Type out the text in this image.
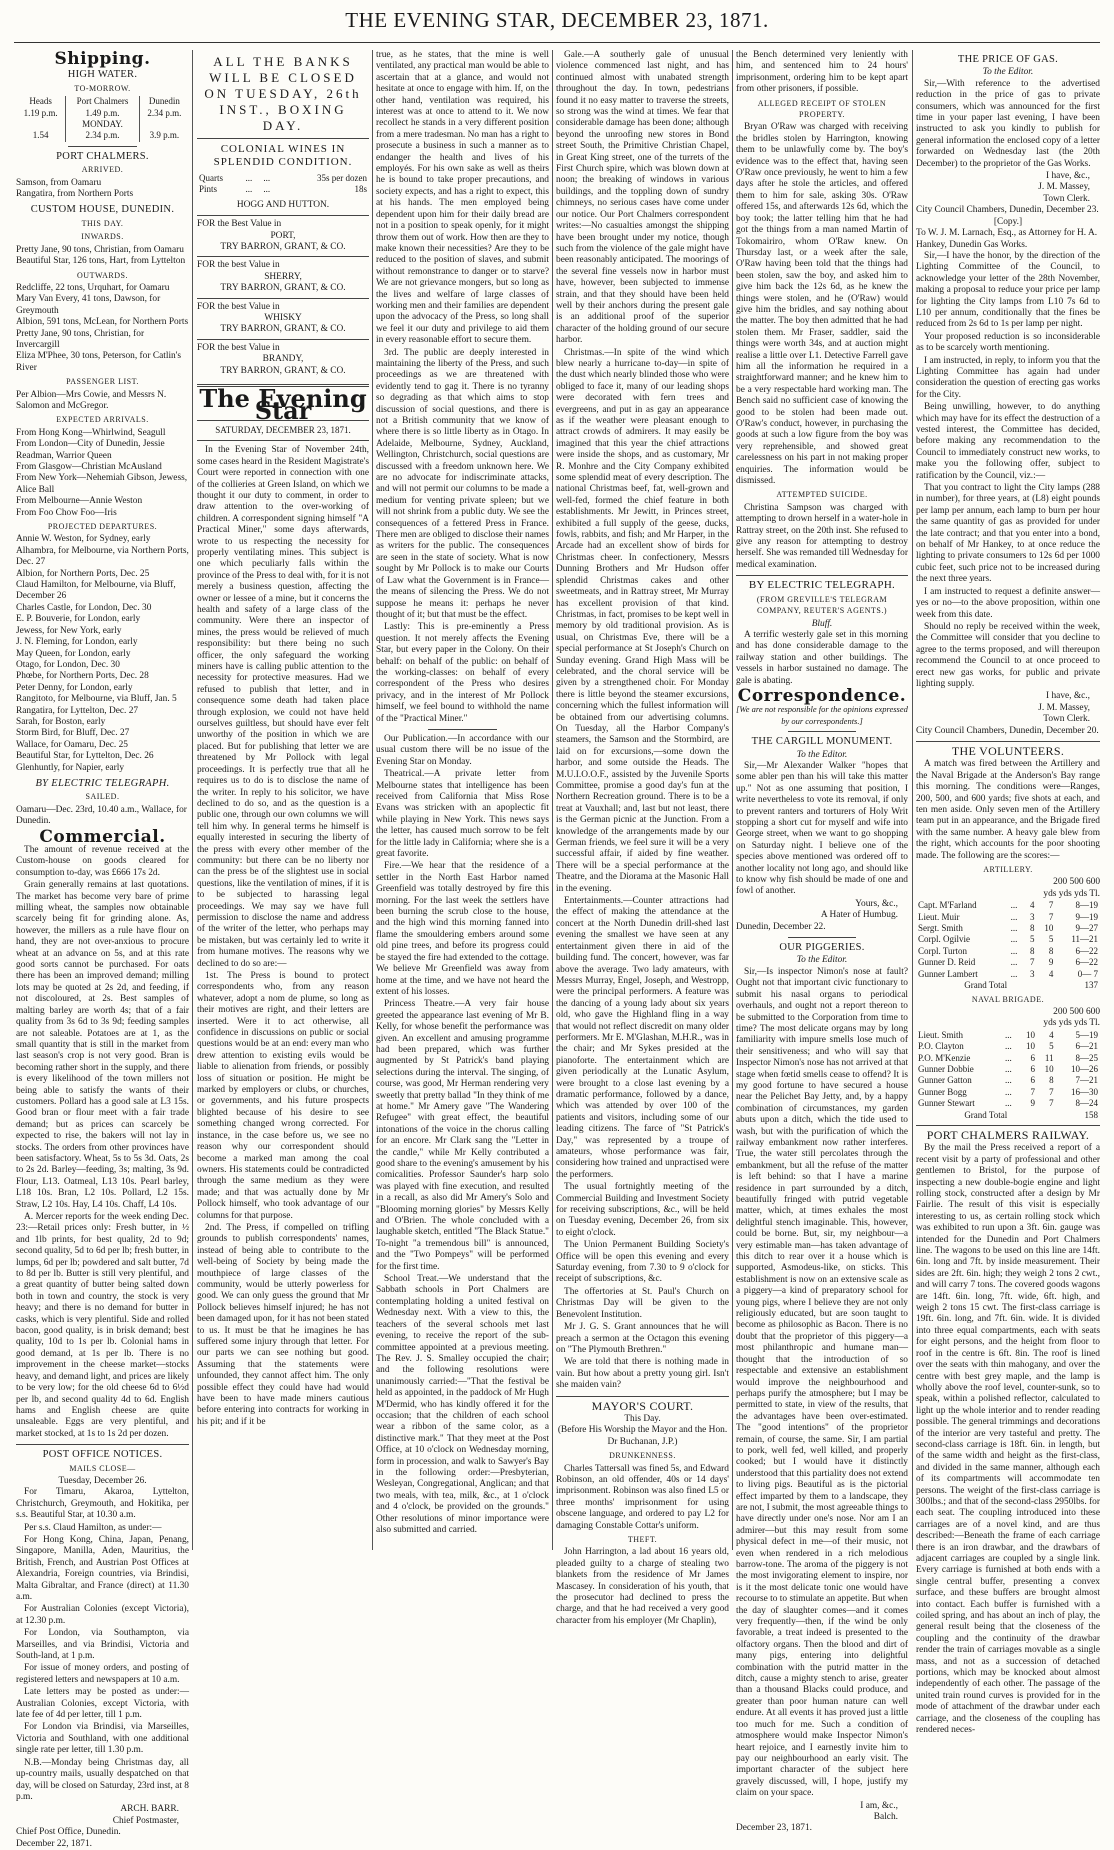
THE EVENING STAR, DECEMBER 23, 1871.
Shipping.
HIGH WATER.
TO-MORROW.
Heads	Port Chalmers	Dunedin
1.19 p.m.	1.49 p.m.	2.34 p.m.
	MONDAY.	
1.54	2.34 p.m.	3.9 p.m.
PORT CHALMERS.
ARRIVED.
Samson, from Oamaru
Rangatira, from Northern Ports
CUSTOM HOUSE, DUNEDIN.
THIS DAY.
INWARDS.
Pretty Jane, 90 tons, Christian, from Oamaru
Beautiful Star, 126 tons, Hart, from Lyttelton
OUTWARDS.
Redcliffe, 22 tons, Urquhart, for Oamaru
Mary Van Every, 41 tons, Dawson, for Greymouth
Albion, 591 tons, McLean, for Northern Ports
Pretty Jane, 90 tons, Christian, for Invercargill
Eliza M'Phee, 30 tons, Peterson, for Catlin's River
PASSENGER LIST.
Per Albion—Mrs Cowie, and Messrs N. Salomon and McGregor.
EXPECTED ARRIVALS.
From Hong Kong—Whirlwind, Seagull
From London—City of Dunedin, Jessie Readman, Warrior Queen
From Glasgow—Christian McAusland
From New York—Nehemiah Gibson, Jewess, Alice Ball
From Melbourne—Annie Weston
From Foo Chow Foo—Iris
PROJECTED DEPARTURES.
Annie W. Weston, for Sydney, early
Alhambra, for Melbourne, via Northern Ports, Dec. 27
Albion, for Northern Ports, Dec. 25
Claud Hamilton, for Melbourne, via Bluff, December 26
Charles Castle, for London, Dec. 30
E. P. Bouverie, for London, early
Jewess, for New York, early
J. N. Fleming, for London, early
May Queen, for London, early
Otago, for London, Dec. 30
Phœbe, for Northern Ports, Dec. 28
Peter Denny, for London, early
Rangitoto, for Melbourne, via Bluff, Jan. 5
Rangatira, for Lyttelton, Dec. 27
Sarah, for Boston, early
Storm Bird, for Bluff, Dec. 27
Wallace, for Oamaru, Dec. 25
Beautiful Star, for Lyttelton, Dec. 26
Glenhuntly, for Napier, early
BY ELECTRIC TELEGRAPH.
SAILED.
Oamaru—Dec. 23rd, 10.40 a.m., Wallace, for Dunedin.
Commercial.

The amount of revenue received at the Custom-house on goods cleared for consumption to-day, was £666 17s 2d.

Grain generally remains at last quotations. The market has become very bare of prime milling wheat, the samples now obtainable scarcely being fit for grinding alone. As, however, the millers as a rule have flour on hand, they are not over-anxious to procure wheat at an advance on 5s, and at this rate good sorts cannot be purchased. For oats there has been an improved demand; milling lots may be quoted at 2s 2d, and feeding, if not discoloured, at 2s. Best samples of malting barley are worth 4s; that of a fair quality from 3s 6d to 3s 9d; feeding samples are not saleable. Potatoes are at 1, as the small quantity that is still in the market from last season's crop is not very good. Bran is becoming rather short in the supply, and there is every likelihood of the town millers not being able to satisfy the wants of their customers. Pollard has a good sale at L3 15s. Good bran or flour meet with a fair trade demand; but as prices can scarcely be expected to rise, the bakers will not lay in stocks. The orders from other provinces have been satisfactory. Wheat, 5s to 5s 3d. Oats, 2s to 2s 2d. Barley—feeding, 3s; malting, 3s 9d. Flour, L13. Oatmeal, L13 10s. Pearl barley, L18 10s. Bran, L2 10s. Pollard, L2 15s. Straw, L2 10s. Hay, L4 10s. Chaff, L4 10s.

A. Mercer reports for the week ending Dec. 23:—Retail prices only: Fresh butter, in ½ and 1lb prints, for best quality, 2d to 9d; second quality, 5d to 6d per lb; fresh butter, in lumps, 6d per lb; powdered and salt butter, 7d to 8d per lb. Butter is still very plentiful, and a great quantity of butter being salted down both in town and country, the stock is very heavy; and there is no demand for butter in casks, which is very plentiful. Side and rolled bacon, good quality, is in brisk demand; best quality, 10d to 1s per lb. Colonial hams in good demand, at 1s per lb. There is no improvement in the cheese market—stocks heavy, and demand light, and prices are likely to be very low; for the old cheese 6d to 6½d per lb, and second quality 4d to 6d. English hams and English cheese are quite unsaleable. Eggs are very plentiful, and market stocked, at 1s to 1s 2d per dozen.

POST OFFICE NOTICES.
MAILS CLOSE—
Tuesday, December 26.

For Timaru, Akaroa, Lyttelton, Christchurch, Greymouth, and Hokitika, per s.s. Beautiful Star, at 10.30 a.m.

Per s.s. Claud Hamilton, as under:—

For Hong Kong, China, Japan, Penang, Singapore, Manilla, Aden, Mauritius, the British, French, and Austrian Post Offices at Alexandria, Foreign countries, via Brindisi, Malta Gibraltar, and France (direct) at 11.30 a.m.

For Australian Colonies (except Victoria), at 12.30 p.m.

For London, via Southampton, via Marseilles, and via Brindisi, Victoria and South-land, at 1 p.m.

For issue of money orders, and posting of registered letters and newspapers at 10 a.m.

Late letters may be posted as under:—Australian Colonies, except Victoria, with late fee of 4d per letter, till 1 p.m.

For London via Brindisi, via Marseilles, Victoria and Southland, with one additional single rate per letter, till 1.30 p.m.

N.B.—Monday being Christmas day, all up-country mails, usually despatched on that day, will be closed on Saturday, 23rd inst, at 8 p.m.

ARCH. BARR.
Chief Postmaster,
Chief Post Office, Dunedin.
December 22, 1871.
ALL THE BANKS WILL BE CLOSED ON TUESDAY, 26th INST., BOXING DAY.
COLONIAL WINES IN SPLENDID CONDITION.
Quarts	...	...	35s per dozen
Pints	...	...	18s
HOGG AND HUTTON.
FOR the Best Value in
PORT,
TRY BARRON, GRANT, & CO.
FOR the best Value in
SHERRY,
TRY BARRON, GRANT, & CO.
FOR the best Value in
WHISKY
TRY BARRON, GRANT, & CO.
FOR the best Value in
BRANDY,
TRY BARRON, GRANT, & CO.
The Evening Star
SATURDAY, DECEMBER 23, 1871.

In the Evening Star of November 24th, some cases heard in the Resident Magistrate's Court were reported in connection with one of the collieries at Green Island, on which we thought it our duty to comment, in order to draw attention to the over-working of children. A correspondent signing himself "A Practical Miner," some days afterwards, wrote to us respecting the necessity for properly ventilating mines. This subject is one which peculiarly falls within the province of the Press to deal with, for it is not merely a business question, affecting the owner or lessee of a mine, but it concerns the health and safety of a large class of the community. Were there an inspector of mines, the press would be relieved of much responsibility: but there being no such officer, the only safeguard the working miners have is calling public attention to the necessity for protective measures. Had we refused to publish that letter, and in consequence some death had taken place through explosion, we could not have held ourselves guiltless, but should have ever felt unworthy of the position in which we are placed. But for publishing that letter we are threatened by Mr Pollock with legal proceedings. It is perfectly true that all he requires us to do is to disclose the name of the writer. In reply to his solicitor, we have declined to do so, and as the question is a public one, through our own columns we will tell him why. In general terms he himself is equally interested in securing the liberty of the press with every other member of the community: but there can be no liberty nor can the press be of the slightest use in social questions, like the ventilation of mines, if it is to be subjected to harassing legal proceedings. We may say we have full permission to disclose the name and address of the writer of the letter, who perhaps may be mistaken, but was certainly led to write it from humane motives. The reasons why we declined to do so are:—

1st. The Press is bound to protect correspondents who, from any reason whatever, adopt a nom de plume, so long as their motives are right, and their letters are inserted. Were it to act otherwise, all confidence in discussions on public or social questions would be at an end: every man who drew attention to existing evils would be liable to alienation from friends, or possibly loss of situation or position. He might be marked by employers or clubs, or churches, or governments, and his future prospects blighted because of his desire to see something changed wrong corrected. For instance, in the case before us, we see no reason why our correspondent should become a marked man among the coal owners. His statements could be contradicted through the same medium as they were made; and that was actually done by Mr Pollock himself, who took advantage of our columns for that purpose.

2nd. The Press, if compelled on trifling grounds to publish correspondents' names, instead of being able to contribute to the well-being of Society by being made the mouthpiece of large classes of the community, would be utterly powerless for good. We can only guess the ground that Mr Pollock believes himself injured; he has not been damaged upon, for it has not been stated to us. It must be that he imagines he has suffered some injury through that letter. For our parts we can see nothing but good. Assuming that the statements were unfounded, they cannot affect him. The only possible effect they could have had would have been to have made miners cautious before entering into contracts for working in his pit; and if it be

true, as he states, that the mine is well ventilated, any practical man would be able to ascertain that at a glance, and would not hesitate at once to engage with him. If, on the other hand, ventilation was required, his interest was at once to attend to it. We now recollect he stands in a very different position from a mere tradesman. No man has a right to prosecute a business in such a manner as to endanger the health and lives of his employés. For his own sake as well as theirs he is bound to take proper precautions, and society expects, and has a right to expect, this at his hands. The men employed being dependent upon him for their daily bread are not in a position to speak openly, for it might throw them out of work. How then are they to make known their necessities? Are they to be reduced to the position of slaves, and submit without remonstrance to danger or to starve? We are not grievance mongers, but so long as the lives and welfare of large classes of working men and their families are dependent upon the advocacy of the Press, so long shall we feel it our duty and privilege to aid them in every reasonable effort to secure them.

3rd. The public are deeply interested in maintaining the liberty of the Press, and such proceedings as we are threatened with evidently tend to gag it. There is no tyranny so degrading as that which aims to stop discussion of social questions, and there is not a British community that we know of where there is so little liberty as in Otago. In Adelaide, Melbourne, Sydney, Auckland, Wellington, Christchurch, social questions are discussed with a freedom unknown here. We are no advocate for indiscriminate attacks, and will not permit our columns to be made a medium for venting private spleen; but we will not shrink from a public duty. We see the consequences of a fettered Press in France. There men are obliged to disclose their names as writers for the public. The consequences are seen in the state of society. What is now sought by Mr Pollock is to make our Courts of Law what the Government is in France—the means of silencing the Press. We do not suppose he means it: perhaps he never thought of it; but that must be the effect.

Lastly: This is pre-eminently a Press question. It not merely affects the Evening Star, but every paper in the Colony. On their behalf: on behalf of the public: on behalf of the working-classes: on behalf of every correspondent of the Press who desires privacy, and in the interest of Mr Pollock himself, we feel bound to withhold the name of the "Practical Miner."

Our Publication.—In accordance with our usual custom there will be no issue of the Evening Star on Monday.

Theatrical.—A private letter from Melbourne states that intelligence has been received from California that Miss Rose Evans was stricken with an apoplectic fit while playing in New York. This news says the letter, has caused much sorrow to be felt for the little lady in California; where she is a great favorite.

Fire.—We hear that the residence of a settler in the North East Harbor named Greenfield was totally destroyed by fire this morning. For the last week the settlers have been burning the scrub close to the house, and the high wind this morning fanned into flame the smouldering embers around some old pine trees, and before its progress could be stayed the fire had extended to the cottage. We believe Mr Greenfield was away from home at the time, and we have not heard the extent of his losses.

Princess Theatre.—A very fair house greeted the appearance last evening of Mr B. Kelly, for whose benefit the performance was given. An excellent and amusing programme had been prepared, which was further augmented by St Patrick's band playing selections during the interval. The singing, of course, was good, Mr Herman rendering very sweetly that pretty ballad "In they think of me at home." Mr Amery gave "The Wandering Refugee" with great effect, the beautiful intonations of the voice in the chorus calling for an encore. Mr Clark sang the "Letter in the candle," while Mr Kelly contributed a good share to the evening's amusement by his comicalities. Professor Saunder's harp solo was played with fine execution, and resulted in a recall, as also did Mr Amery's Solo and "Blooming morning glories" by Messrs Kelly and O'Brien. The whole concluded with a laughable sketch, entitled "The Black Statue." To-night "a tremendous bill" is announced, and the "Two Pompeys" will be performed for the first time.

School Treat.—We understand that the Sabbath schools in Port Chalmers are contemplating holding a united festival on Wednesday next. With a view to this, the teachers of the several schools met last evening, to receive the report of the sub-committee appointed at a previous meeting. The Rev. J. S. Smalley occupied the chair; and the following resolutions were unanimously carried:—"That the festival be held as appointed, in the paddock of Mr Hugh M'Dermid, who has kindly offered it for the occasion; that the children of each school wear a ribbon of the same color, as a distinctive mark." That they meet at the Post Office, at 10 o'clock on Wednesday morning, form in procession, and walk to Sawyer's Bay in the following order:—Presbyterian, Wesleyan, Congregational, Anglican; and that two meals, with tea, milk, &c., at 1 o'clock and 4 o'clock, be provided on the grounds." Other resolutions of minor importance were also submitted and carried.

Gale.—A southerly gale of unusual violence commenced last night, and has continued almost with unabated strength throughout the day. In town, pedestrians found it no easy matter to traverse the streets, so strong was the wind at times. We fear that considerable damage has been done; although beyond the unroofing new stores in Bond street South, the Primitive Christian Chapel, in Great King street, one of the turrets of the First Church spire, which was blown down at noon; the breaking of windows in various buildings, and the toppling down of sundry chimneys, no serious cases have come under our notice. Our Port Chalmers correspondent writes:—No casualties amongst the shipping have been brought under my notice, though such from the violence of the gale might have been reasonably anticipated. The moorings of the several fine vessels now in harbor must have, however, been subjected to immense strain, and that they should have been held well by their anchors during the present gale is an additional proof of the superior character of the holding ground of our secure harbor.

Christmas.—In spite of the wind which blew nearly a hurricane to-day—in spite of the dust which nearly blinded those who were obliged to face it, many of our leading shops were decorated with fern trees and evergreens, and put in as gay an appearance as if the weather were pleasant enough to attract crowds of admirers. It may easily be imagined that this year the chief attractions were inside the shops, and as customary, Mr R. Monhre and the City Company exhibited some splendid meat of every description. The national Christmas beef, fat, well-grown and well-fed, formed the chief feature in both establishments. Mr Jewitt, in Princes street, exhibited a full supply of the geese, ducks, fowls, rabbits, and fish; and Mr Harper, in the Arcade had an excellent show of birds for Christmas cheer. In confectionery, Messrs Dunning Brothers and Mr Hudson offer splendid Christmas cakes and other sweetmeats, and in Rattray street, Mr Murray has excellent provision of that kind. Christmas, in fact, promises to be kept well in memory by old traditional provision. As is usual, on Christmas Eve, there will be a special performance at St Joseph's Church on Sunday evening. Grand High Mass will be celebrated, and the choral service will be given by a strengthened choir. For Monday there is little beyond the steamer excursions, concerning which the fullest information will be obtained from our advertising columns. On Tuesday, all the Harbor Company's steamers, the Samson and the Stormbird, are laid on for excursions,—some down the harbor, and some outside the Heads. The M.U.I.O.O.F., assisted by the Juvenile Sports Committee, promise a good day's fun at the Northern Recreation ground. There is to be a treat at Vauxhall; and, last but not least, there is the German picnic at the Junction. From a knowledge of the arrangements made by our German friends, we feel sure it will be a very successful affair, if aided by fine weather. There will be a special performance at the Theatre, and the Diorama at the Masonic Hall in the evening.

Entertainments.—Counter attractions had the effect of making the attendance at the concert at the North Dunedin drill-shed last evening the smallest we have seen at any entertainment given there in aid of the building fund. The concert, however, was far above the average. Two lady amateurs, with Messrs Murray, Engel, Joseph, and Westropp, were the principal performers. A feature was the dancing of a young lady about six years old, who gave the Highland fling in a way that would not reflect discredit on many older performers. Mr E. M'Glashan, M.H.R., was in the chair; and Mr Sykes presided at the pianoforte. The entertainment which are given periodically at the Lunatic Asylum, were brought to a close last evening by a dramatic performance, followed by a dance, which was attended by over 100 of the patients and visitors, including some of our leading citizens. The farce of "St Patrick's Day," was represented by a troupe of amateurs, whose performance was fair, considering how trained and unpractised were the performers.

The usual fortnightly meeting of the Commercial Building and Investment Society for receiving subscriptions, &c., will be held on Tuesday evening, December 26, from six to eight o'clock.

The Union Permanent Building Society's Office will be open this evening and every Saturday evening, from 7.30 to 9 o'clock for receipt of subscriptions, &c.

The offertories at St. Paul's Church on Christmas Day will be given to the Benevolent Institution.

Mr J. G. S. Grant announces that he will preach a sermon at the Octagon this evening on "The Plymouth Brethren."

We are told that there is nothing made in vain. But how about a pretty young girl. Isn't she maiden vain?

MAYOR'S COURT.
This Day.
(Before His Worship the Mayor and the Hon. Dr Buchanan, J.P.)
DRUNKENNESS.

Charles Tattersall was fined 5s, and Edward Robinson, an old offender, 40s or 14 days' imprisonment. Robinson was also fined L5 or three months' imprisonment for using obscene language, and ordered to pay L2 for damaging Constable Cottar's uniform.

THEFT.

John Harrington, a lad about 16 years old, pleaded guilty to a charge of stealing two blankets from the residence of Mr James Mascasey. In consideration of his youth, that the prosecutor had declined to press the charge, and that he had received a very good character from his employer (Mr Chaplin),

the Bench determined very leniently with him, and sentenced him to 24 hours' imprisonment, ordering him to be kept apart from other prisoners, if possible.

ALLEGED RECEIPT OF STOLEN PROPERTY.

Bryan O'Raw was charged with receiving the bridles stolen by Harrington, knowing them to be unlawfully come by. The boy's evidence was to the effect that, having seen O'Raw once previously, he went to him a few days after he stole the articles, and offered them to him for sale, asking 30s. O'Raw offered 15s, and afterwards 12s 6d, which the boy took; the latter telling him that he had got the things from a man named Martin of Tokomairiro, whom O'Raw knew. On Thursday last, or a week after the sale, O'Raw having been told that the things had been stolen, saw the boy, and asked him to give him back the 12s 6d, as he knew the things were stolen, and he (O'Raw) would give him the bridles, and say nothing about the matter. The boy then admitted that he had stolen them. Mr Fraser, saddler, said the things were worth 34s, and at auction might realise a little over L1. Detective Farrell gave him all the information he required in a straightforward manner; and he knew him to be a very respectable hard working man. The Bench said no sufficient case of knowing the good to be stolen had been made out. O'Raw's conduct, however, in purchasing the goods at such a low figure from the boy was very reprehensible, and showed great carelessness on his part in not making proper enquiries. The information would be dismissed.

ATTEMPTED SUICIDE.

Christina Sampson was charged with attempting to drown herself in a water-hole in Rattray street, on the 20th inst. She refused to give any reason for attempting to destroy herself. She was remanded till Wednesday for medical examination.

BY ELECTRIC TELEGRAPH.
(FROM GREVILLE'S TELEGRAM COMPANY, REUTER'S AGENTS.)
Bluff.

A terrific westerly gale set in this morning and has done considerable damage to the railway station and other buildings. The vessels in harbor sustained no damage. The gale is abating.

Correspondence.
[We are not responsible for the opinions expressed by our correspondents.]
THE CARGILL MONUMENT.
To the Editor.

Sir,—Mr Alexander Walker "hopes that some abler pen than his will take this matter up." Not as one assuming that position, I write nevertheless to vote its removal, if only to prevent ranters and torturers of Holy Writ stopping a short cut for myself and wife into George street, when we want to go shopping on Saturday night. I believe one of the species above mentioned was ordered off to another locality not long ago, and should like to know why fish should be made of one and fowl of another.

Yours, &c.,
A Hater of Humbug.
Dunedin, December 22.
OUR PIGGERIES.
To the Editor.

Sir,—Is inspector Nimon's nose at fault? Ought not that important civic functionary to submit his nasal organs to periodical overhauls, and ought not a report thereon to be submitted to the Corporation from time to time? The most delicate organs may by long familiarity with impure smells lose much of their sensitiveness; and who will say that Inspector Nimon's nose has not arrived at that stage when fœtid smells cease to offend? It is my good fortune to have secured a house near the Pelichet Bay Jetty, and, by a happy combination of circumstances, my garden abuts upon a ditch, which the tide used to wash, but with the purification of which the railway embankment now rather interferes. True, the water still percolates through the embankment, but all the refuse of the matter is left behind: so that I have a marine residence in part surrounded by a ditch, beautifully fringed with putrid vegetable matter, which, at times exhales the most delightful stench imaginable. This, however, could be borne. But, sir, my neighbour—a very estimable man—has taken advantage of this ditch to rear over it a house which is supported, Asmodeus-like, on sticks. This establishment is now on an extensive scale as a piggery—a kind of preparatory school for young pigs, where I believe they are not only religiously educated, but are soon taught to become as philosophic as Bacon. There is no doubt that the proprietor of this piggery—a most philanthropic and humane man—thought that the introduction of so respectable and extensive an establishment would improve the neighbourhood and perhaps purify the atmosphere; but I may be permitted to state, in view of the results, that the advantages have been over-estimated. The "good intentions" of the proprietor remain, of course, the same. Sir, I am partial to pork, well fed, well killed, and properly cooked; but I would have it distinctly understood that this partiality does not extend to living pigs. Beautiful as is the pictorial effect imparted by them to a landscape, they are not, I submit, the most agreeable things to have directly under one's nose. Nor am I an admirer—but this may result from some physical defect in me—of their music, not even when rendered in a rich melodious barrow-tone. The aroma of the piggery is not the most invigorating element to inspire, nor is it the most delicate tonic one would have recourse to to stimulate an appetite. But when the day of slaughter comes—and it comes very frequently—then, if the wind be only favorable, a treat indeed is presented to the olfactory organs. Then the blood and dirt of many pigs, entering into delightful combination with the putrid matter in the ditch, cause a mighty stench to arise, greater than a thousand Blacks could produce, and greater than poor human nature can well endure. At all events it has proved just a little too much for me. Such a condition of atmosphere would make Inspector Nimon's heart rejoice, and I earnestly invite him to pay our neighbourhood an early visit. The important character of the subject here gravely discussed, will, I hope, justify my claim on your space.

I am, &c.,
Balch.
December 23, 1871.
THE PRICE OF GAS.
To the Editor.

Sir,—With reference to the advertised reduction in the price of gas to private consumers, which was announced for the first time in your paper last evening, I have been instructed to ask you kindly to publish for general information the enclosed copy of a letter forwarded on Wednesday last (the 20th December) to the proprietor of the Gas Works.

I have, &c.,
J. M. Massey,
Town Clerk.
City Council Chambers, Dunedin, December 23.
[Copy.]
To W. J. M. Larnach, Esq., as Attorney for H. A. Hankey, Dunedin Gas Works.

Sir,—I have the honor, by the direction of the Lighting Committee of the Council, to acknowledge your letter of the 28th November, making a proposal to reduce your price per lamp for lighting the City lamps from L10 7s 6d to L10 per annum, conditionally that the fines be reduced from 2s 6d to 1s per lamp per night.

Your proposed reduction is so inconsiderable as to be scarcely worth mentioning.

I am instructed, in reply, to inform you that the Lighting Committee has again had under consideration the question of erecting gas works for the City.

Being unwilling, however, to do anything which may have for its effect the destruction of a vested interest, the Committee has decided, before making any recommendation to the Council to immediately construct new works, to make you the following offer, subject to ratification by the Council, viz.:—

That you contract to light the City lamps (288 in number), for three years, at (L8) eight pounds per lamp per annum, each lamp to burn per hour the same quantity of gas as provided for under the late contract; and that you enter into a bond, on behalf of Mr Hankey, to at once reduce the lighting to private consumers to 12s 6d per 1000 cubic feet, such price not to be increased during the next three years.

I am instructed to request a definite answer—yes or no—to the above proposition, within one week from this date.

Should no reply be received within the week, the Committee will consider that you decline to agree to the terms proposed, and will thereupon recommend the Council to at once proceed to erect new gas works, for public and private lighting supply.

I have, &c.,
J. M. Massey,
Town Clerk.
City Council Chambers, Dunedin, December 20.
THE VOLUNTEERS.

A match was fired between the Artillery and the Naval Brigade at the Anderson's Bay range this morning. The conditions were—Ranges, 200, 500, and 600 yards; five shots at each, and ten men aside. Only seven men of the Artillery team put in an appearance, and the Brigade fired with the same number. A heavy gale blew from the right, which accounts for the poor shooting made. The following are the scores:—

ARTILLERY.
200 500 600
yds yds yds Tl.
Capt. M'Farland	...	4	7	8—19
Lieut. Muir	...	3	7	9—19
Sergt. Smith	...	8	10	9—27
Corpl. Ogilvie	...	5	5	11—21
Corpl. Turton	...	8	8	6—22
Gunner D. Reid	...	7	9	6—22
Gunner Lambert	...	3	4	0— 7
Grand Total				137
NAVAL BRIGADE.
200 500 600
yds yds yds Tl.
Lieut. Smith	...	10	4	5—19
P.O. Clayton	...	10	5	6—21
P.O. M'Kenzie	...	6	11	8—25
Gunner Dobbie	...	6	10	10—26
Gunner Gatton	...	6	8	7—21
Gunner Bogg	...	7	7	16—30
Gunner Stewart	...	9	7	8—24
Grand Total				158
PORT CHALMERS RAILWAY.

By the mail the Press received a report of a recent visit by a party of professional and other gentlemen to Bristol, for the purpose of inspecting a new double-bogie engine and light rolling stock, constructed after a design by Mr Fairlie. The result of this visit is especially interesting to us, as certain rolling stock which was exhibited to run upon a 3ft. 6in. gauge was intended for the Dunedin and Port Chalmers line. The wagons to be used on this line are 14ft. 6in. long and 7ft. by inside measurement. Their sides are 2ft. 6in. high; they weigh 2 tons 2 cwt., and will carry 7 tons. The covered goods wagons are 14ft. 6in. long, 7ft. wide, 6ft. high, and weigh 2 tons 15 cwt. The first-class carriage is 19ft. 6in. long, and 7ft. 6in. wide. It is divided into three equal compartments, each with seats for eight persons, and the height from floor to roof in the centre is 6ft. 8in. The roof is lined over the seats with thin mahogany, and over the centre with best grey maple, and the lamp is wholly above the roof level, counter-sunk, so to speak, within a polished reflector, calculated to light up the whole interior and to render reading possible. The general trimmings and decorations of the interior are very tasteful and pretty. The second-class carriage is 18ft. 6in. in length, but of the same width and height as the first-class, and divided in the same manner, although each of its compartments will accommodate ten persons. The weight of the first-class carriage is 300lbs.; and that of the second-class 2950lbs. for each seat. The coupling introduced into these carriages are of a novel kind, and are thus described:—Beneath the frame of each carriage there is an iron drawbar, and the drawbars of adjacent carriages are coupled by a single link. Every carriage is furnished at both ends with a single central buffer, presenting a convex surface, and these buffers are brought almost into contact. Each buffer is furnished with a coiled spring, and has about an inch of play, the general result being that the closeness of the coupling and the continuity of the drawbar render the train of carriages movable as a single mass, and not as a succession of detached portions, which may be knocked about almost independently of each other. The passage of the united train round curves is provided for in the mode of attachment of the drawbar under each carriage, and the closeness of the coupling has rendered neces-
